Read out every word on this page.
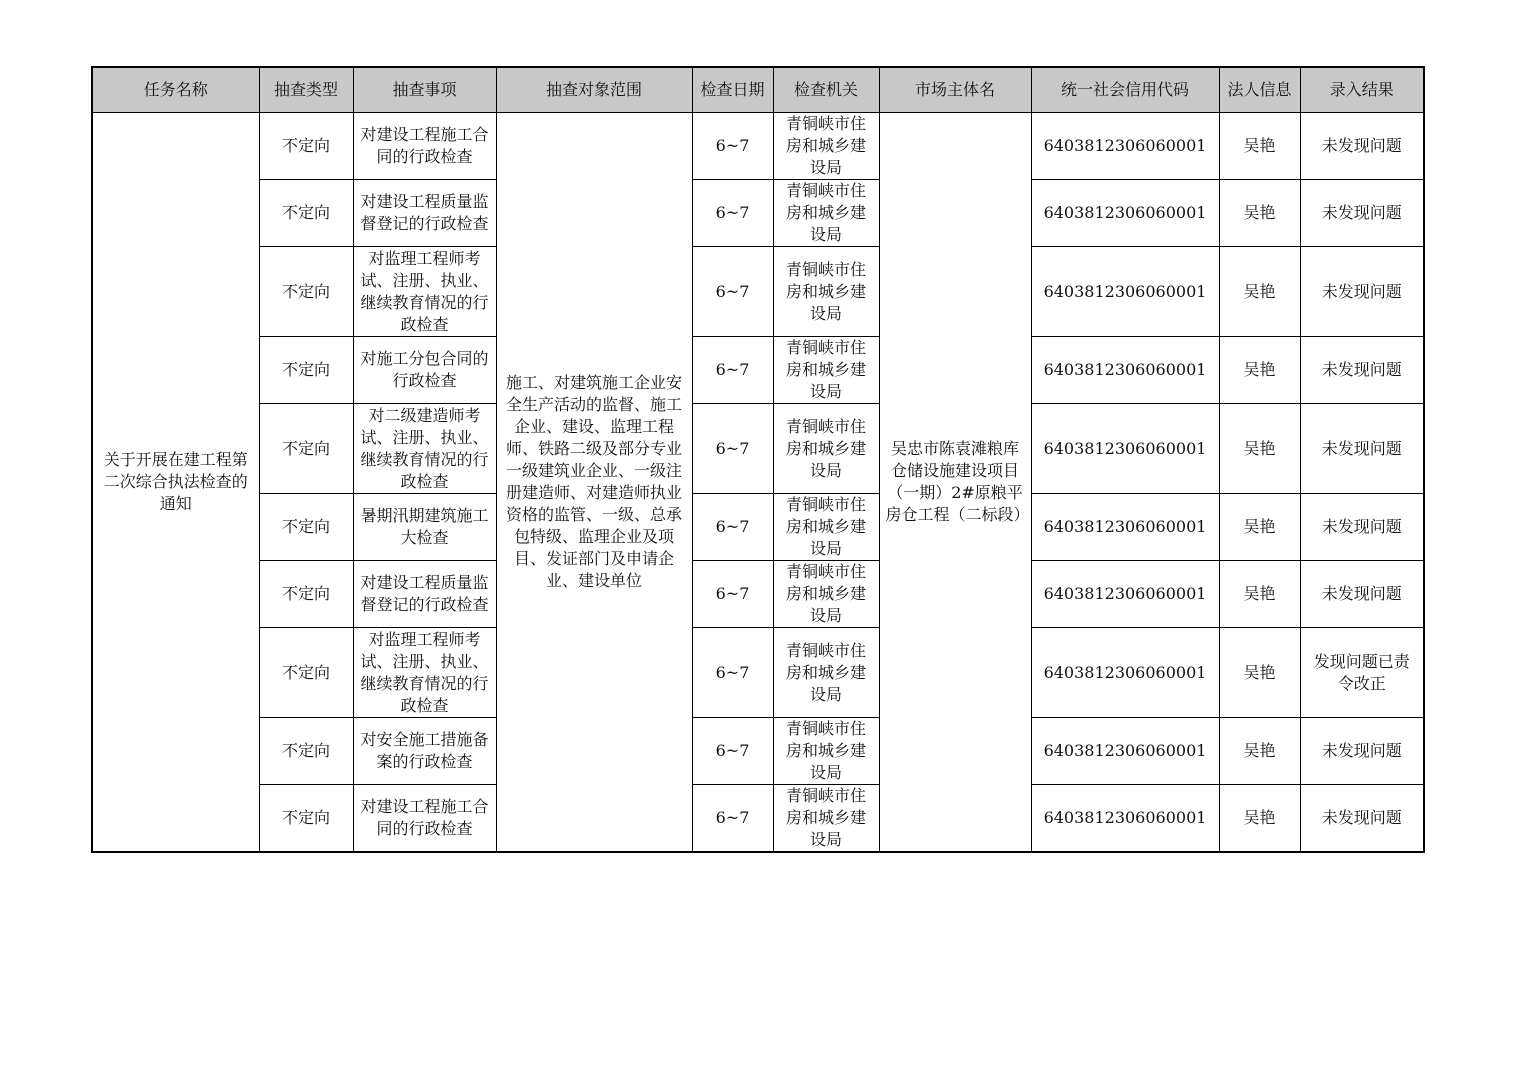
任务名称	抽查类型	抽查事项	抽查对象范围	检查日期	检查机关	市场主体名	统一社会信用代码	法人信息	录入结果
关于开展在建工程第二次综合执法检查的通知	不定向	对建设工程施工合同的行政检查	施工、对建筑施工企业安全生产活动的监督、施工企业、建设、监理工程师、铁路二级及部分专业一级建筑业企业、一级注册建造师、对建造师执业资格的监管、一级、总承包特级、监理企业及项目、发证部门及申请企业、建设单位	6~7	青铜峡市住房和城乡建设局	吴忠市陈袁滩粮库仓储设施建设项目（一期）2#原粮平房仓工程（二标段）	6403812306060001	吴艳	未发现问题
	不定向	对建设工程质量监督登记的行政检查		6~7	青铜峡市住房和城乡建设局		6403812306060001	吴艳	未发现问题
	不定向	对监理工程师考试、注册、执业、继续教育情况的行政检查		6~7	青铜峡市住房和城乡建设局		6403812306060001	吴艳	未发现问题
	不定向	对施工分包合同的行政检查		6~7	青铜峡市住房和城乡建设局		6403812306060001	吴艳	未发现问题
	不定向	对二级建造师考试、注册、执业、继续教育情况的行政检查		6~7	青铜峡市住房和城乡建设局		6403812306060001	吴艳	未发现问题
	不定向	暑期汛期建筑施工大检查		6~7	青铜峡市住房和城乡建设局		6403812306060001	吴艳	未发现问题
	不定向	对建设工程质量监督登记的行政检查		6~7	青铜峡市住房和城乡建设局		6403812306060001	吴艳	未发现问题
	不定向	对监理工程师考试、注册、执业、继续教育情况的行政检查		6~7	青铜峡市住房和城乡建设局		6403812306060001	吴艳	发现问题已责令改正
	不定向	对安全施工措施备案的行政检查		6~7	青铜峡市住房和城乡建设局		6403812306060001	吴艳	未发现问题
	不定向	对建设工程施工合同的行政检查		6~7	青铜峡市住房和城乡建设局		6403812306060001	吴艳	未发现问题
